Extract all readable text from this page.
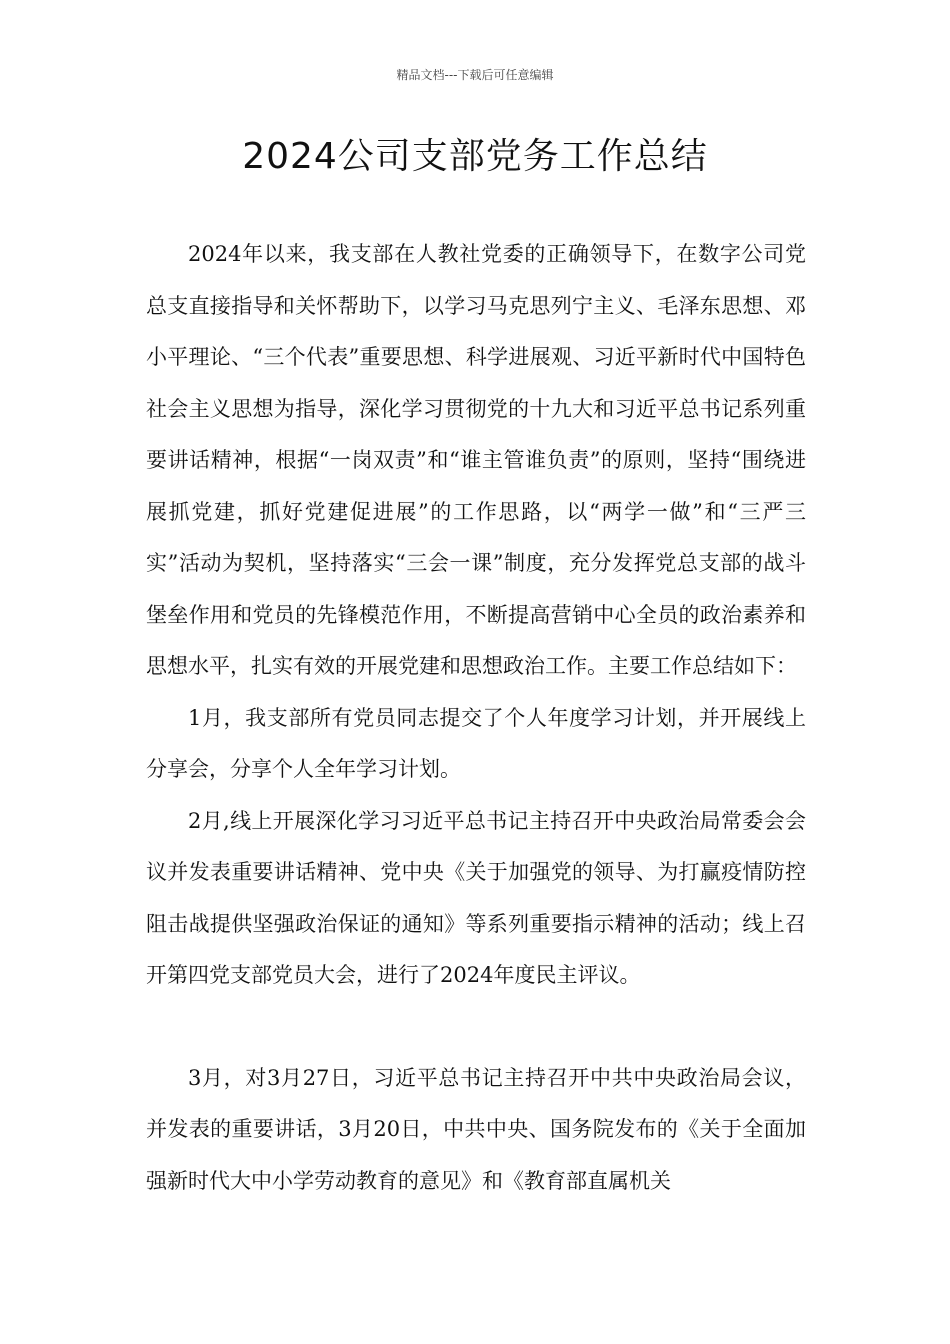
精品文档---下载后可任意编辑
2024公司支部党务工作总结

2024年以来，我支部在人教社党委的正确领导下，在数字公司党总支直接指导和关怀帮助下，以学习马克思列宁主义、毛泽东思想、邓小平理论、“三个代表”重要思想、科学进展观、习近平新时代中国特色社会主义思想为指导，深化学习贯彻党的十九大和习近平总书记系列重要讲话精神，根据“一岗双责”和“谁主管谁负责”的原则，坚持“围绕进展抓党建，抓好党建促进展”的工作思路，以“两学一做”和“三严三实”活动为契机，坚持落实“三会一课”制度，充分发挥党总支部的战斗堡垒作用和党员的先锋模范作用，不断提高营销中心全员的政治素养和思想水平，扎实有效的开展党建和思想政治工作。主要工作总结如下：

1月，我支部所有党员同志提交了个人年度学习计划，并开展线上分享会，分享个人全年学习计划。

2月,线上开展深化学习习近平总书记主持召开中央政治局常委会会议并发表重要讲话精神、党中央《关于加强党的领导、为打赢疫情防控阻击战提供坚强政治保证的通知》等系列重要指示精神的活动；线上召开第四党支部党员大会，进行了2024年度民主评议。

3月，对3月27日，习近平总书记主持召开中共中央政治局会议，并发表的重要讲话，3月20日，中共中央、国务院发布的《关于全面加强新时代大中小学劳动教育的意见》和《教育部直属机关
